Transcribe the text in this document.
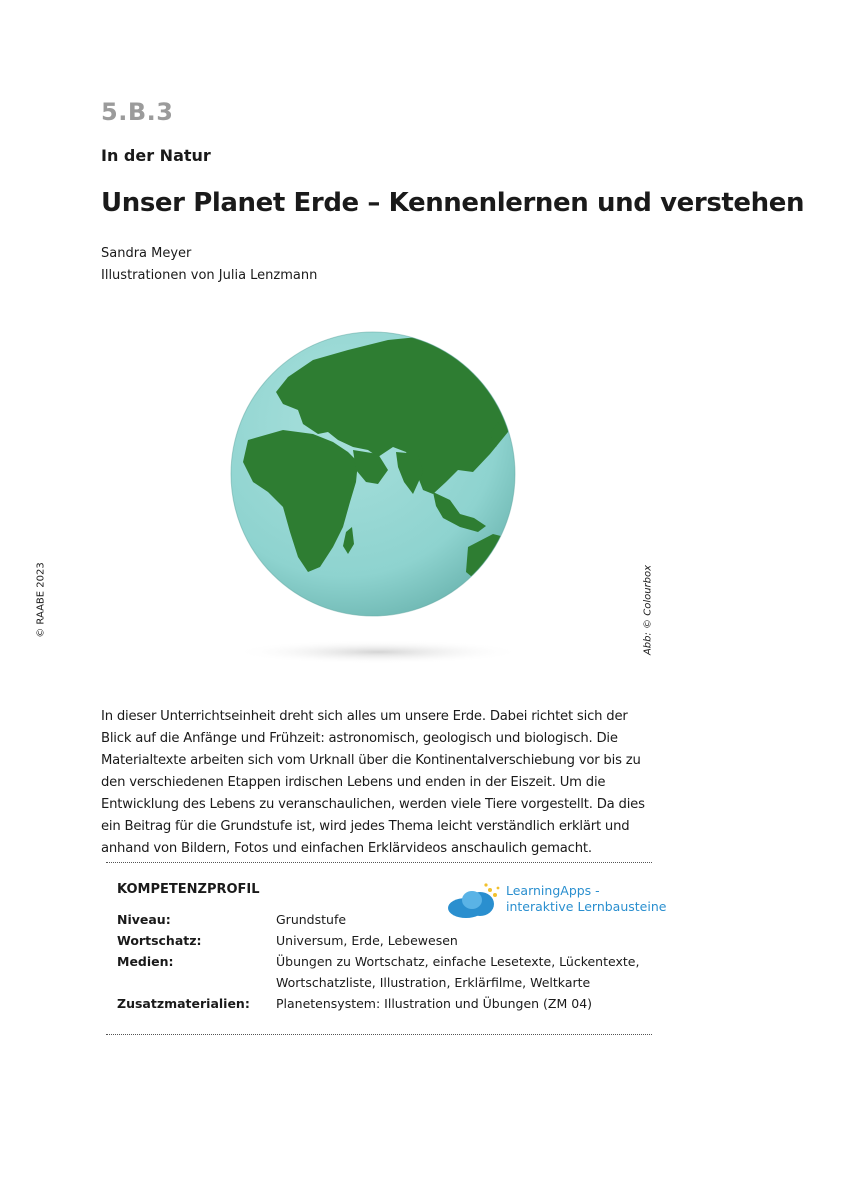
5.B.3
In der Natur
Unser Planet Erde – Kennenlernen und verstehen
Sandra Meyer
Illustrationen von Julia Lenzmann
© RAABE 2023	Abb: © Colourbox

In dieser Unterrichtseinheit dreht sich alles um unsere Erde. Dabei richtet sich der Blick auf die Anfänge und Frühzeit: astronomisch, geologisch und biologisch. Die Materialtexte arbeiten sich vom Urknall über die Kontinentalverschiebung vor bis zu den verschiedenen Etappen irdischen Lebens und enden in der Eiszeit. Um die Entwicklung des Lebens zu veranschaulichen, werden viele Tiere vorgestellt. Da dies ein Beitrag für die Grundstufe ist, wird jedes Thema leicht verständlich erklärt und anhand von Bildern, Fotos und einfachen Erklärvideos anschaulich gemacht.

KOMPETENZPROFIL	LearningApps -
interaktive Lernbausteine
Niveau:	Grundstufe
Wortschatz:	Universum, Erde, Lebewesen
Medien:	Übungen zu Wortschatz, einfache Lesetexte, Lückentexte,
Wortschatzliste, Illustration, Erklärfilme, Weltkarte
Zusatzmaterialien: Planetensystem: Illustration und Übungen (ZM 04)
